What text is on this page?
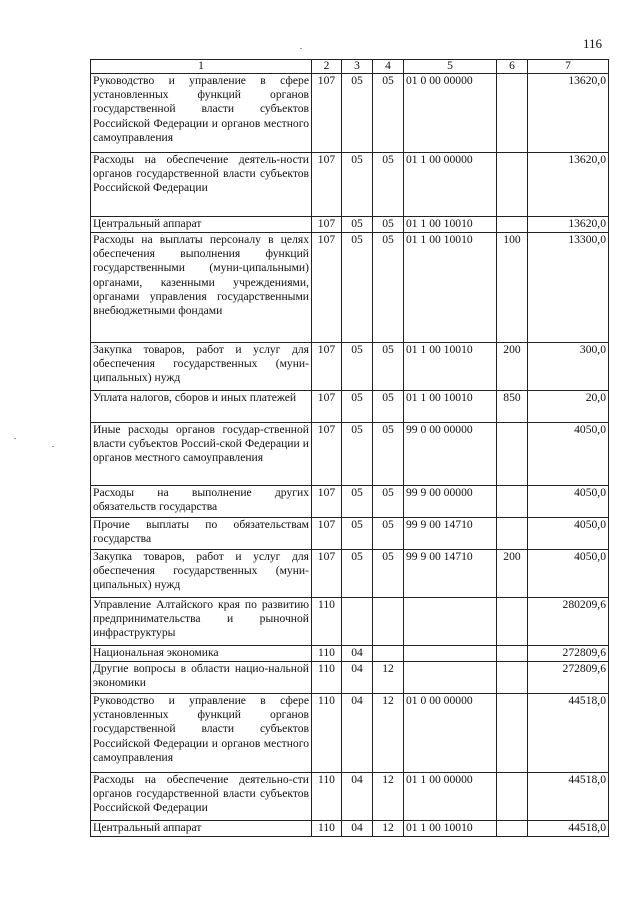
116
1	2	3	4	5	6	7
Руководство и управление в сфере установленных функций органов государственной власти субъектов Российской Федерации и органов местного самоуправления	107	05	05	01 0 00 00000		13620,0
Расходы на обеспечение деятель-ности органов государственной власти субъектов Российской Федерации	107	05	05	01 1 00 00000		13620,0
Центральный аппарат	107	05	05	01 1 00 10010		13620,0
Расходы на выплаты персоналу в целях обеспечения выполнения функций государственными (муни-ципальными) органами, казенными учреждениями, органами управления государственными внебюджетными фондами	107	05	05	01 1 00 10010	100	13300,0
Закупка товаров, работ и услуг для обеспечения государственных (муни-ципальных) нужд	107	05	05	01 1 00 10010	200	300,0
Уплата налогов, сборов и иных платежей	107	05	05	01 1 00 10010	850	20,0
Иные расходы органов государ-ственной власти субъектов Россий-ской Федерации и органов местного самоуправления	107	05	05	99 0 00 00000		4050,0
Расходы на выполнение других обязательств государства	107	05	05	99 9 00 00000		4050,0
Прочие выплаты по обязательствам государства	107	05	05	99 9 00 14710		4050,0
Закупка товаров, работ и услуг для обеспечения государственных (муни-ципальных) нужд	107	05	05	99 9 00 14710	200	4050,0
Управление Алтайского края по развитию предпринимательства и рыночной инфраструктуры	110					280209,6
Национальная экономика	110	04				272809,6
Другие вопросы в области нацио-нальной экономики	110	04	12			272809,6
Руководство и управление в сфере установленных функций органов государственной власти субъектов Российской Федерации и органов местного самоуправления	110	04	12	01 0 00 00000		44518,0
Расходы на обеспечение деятельно-сти органов государственной власти субъектов Российской Федерации	110	04	12	01 1 00 00000		44518,0
Центральный аппарат	110	04	12	01 1 00 10010		44518,0
